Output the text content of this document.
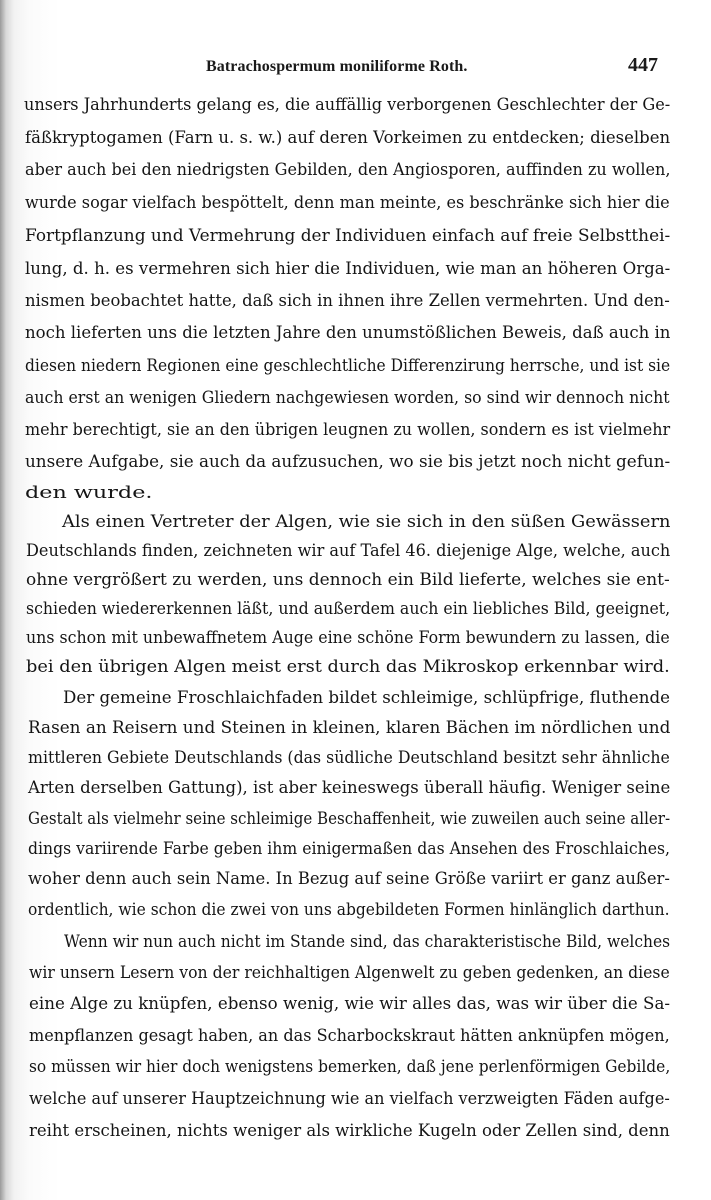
Batrachospermum moniliforme Roth.	447
unsers Jahrhunderts gelang es, die auffällig verborgenen Geschlechter der Ge-
fäßkryptogamen (Farn u. s. w.) auf deren Vorkeimen zu entdecken; dieselben
aber auch bei den niedrigsten Gebilden, den Angiosporen, auffinden zu wollen,
wurde sogar vielfach bespöttelt, denn man meinte, es beschränke sich hier die
Fortpflanzung und Vermehrung der Individuen einfach auf freie Selbstthei-
lung, d. h. es vermehren sich hier die Individuen, wie man an höheren Orga-
nismen beobachtet hatte, daß sich in ihnen ihre Zellen vermehrten. Und den-
noch lieferten uns die letzten Jahre den unumstößlichen Beweis, daß auch in
diesen niedern Regionen eine geschlechtliche Differenzirung herrsche, und ist sie
auch erst an wenigen Gliedern nachgewiesen worden, so sind wir dennoch nicht
mehr berechtigt, sie an den übrigen leugnen zu wollen, sondern es ist vielmehr
unsere Aufgabe, sie auch da aufzusuchen, wo sie bis jetzt noch nicht gefun-
den wurde.
Als einen Vertreter der Algen, wie sie sich in den süßen Gewässern
Deutschlands finden, zeichneten wir auf Tafel 46. diejenige Alge, welche, auch
ohne vergrößert zu werden, uns dennoch ein Bild lieferte, welches sie ent-
schieden wiedererkennen läßt, und außerdem auch ein liebliches Bild, geeignet,
uns schon mit unbewaffnetem Auge eine schöne Form bewundern zu lassen, die
bei den übrigen Algen meist erst durch das Mikroskop erkennbar wird.
Der gemeine Froschlaichfaden bildet schleimige, schlüpfrige, fluthende
Rasen an Reisern und Steinen in kleinen, klaren Bächen im nördlichen und
mittleren Gebiete Deutschlands (das südliche Deutschland besitzt sehr ähnliche
Arten derselben Gattung), ist aber keineswegs überall häufig. Weniger seine
Gestalt als vielmehr seine schleimige Beschaffenheit, wie zuweilen auch seine aller-
dings variirende Farbe geben ihm einigermaßen das Ansehen des Froschlaiches,
woher denn auch sein Name. In Bezug auf seine Größe variirt er ganz außer-
ordentlich, wie schon die zwei von uns abgebildeten Formen hinlänglich darthun.
Wenn wir nun auch nicht im Stande sind, das charakteristische Bild, welches
wir unsern Lesern von der reichhaltigen Algenwelt zu geben gedenken, an diese
eine Alge zu knüpfen, ebenso wenig, wie wir alles das, was wir über die Sa-
menpflanzen gesagt haben, an das Scharbockskraut hätten anknüpfen mögen,
so müssen wir hier doch wenigstens bemerken, daß jene perlenförmigen Gebilde,
welche auf unserer Hauptzeichnung wie an vielfach verzweigten Fäden aufge-
reiht erscheinen, nichts weniger als wirkliche Kugeln oder Zellen sind, denn
